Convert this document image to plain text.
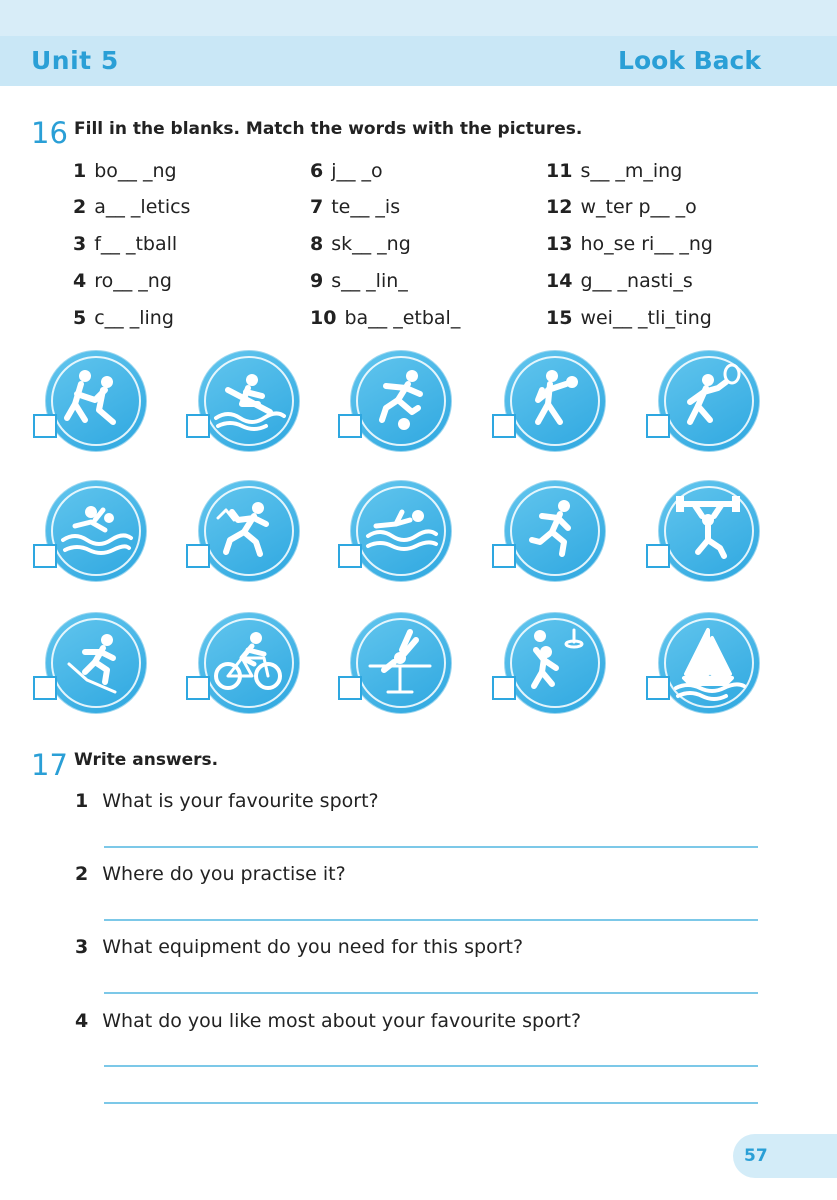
Unit 5	Look Back
16 Fill in the blanks. Match the words with the pictures.
1 bo__ _ng
2 a__ _letics
3 f__ _tball
4 ro__ _ng
5 c__ _ling
6 j__ _o
7 te__ _is
8 sk__ _ng
9 s__ _lin_
10 ba__ _etbal_
11 s__ _m_ing
12 w_ter p__ _o
13 ho_se ri__ _ng
14 g__ _nasti_s
15 wei__ _tli_ting
17 Write answers.
1 What is your favourite sport?
2 Where do you practise it?
3 What equipment do you need for this sport?
4 What do you like most about your favourite sport?
57
